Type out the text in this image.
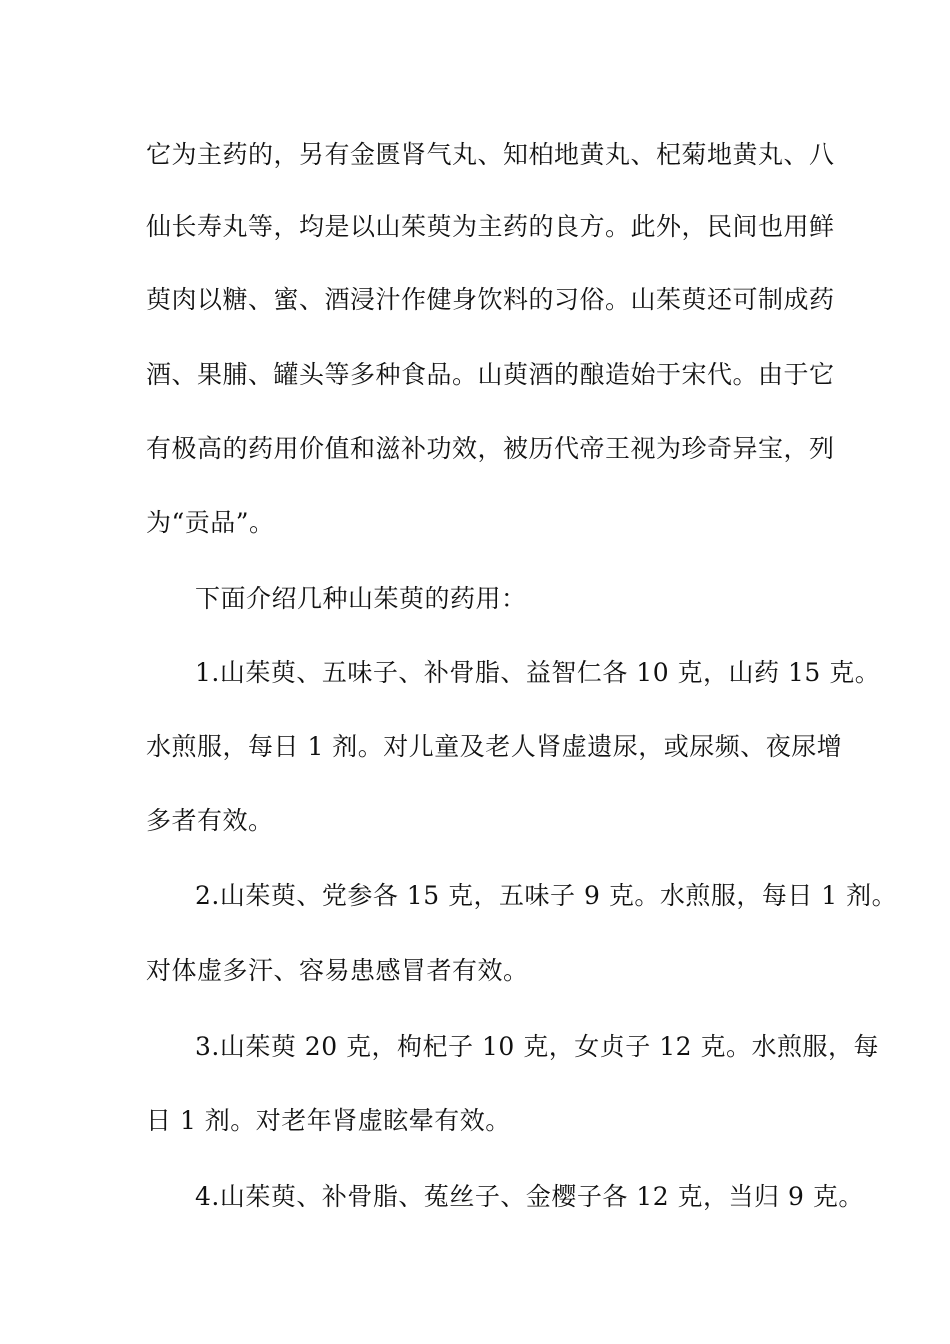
它为主药的，另有金匮肾气丸、知柏地黄丸、杞菊地黄丸、八
仙长寿丸等，均是以山茱萸为主药的良方。此外，民间也用鲜
萸肉以糖、蜜、酒浸汁作健身饮料的习俗。山茱萸还可制成药
酒、果脯、罐头等多种食品。山萸酒的酿造始于宋代。由于它
有极高的药用价值和滋补功效，被历代帝王视为珍奇异宝，列
为“贡品”。
下面介绍几种山茱萸的药用：
1.山茱萸、五味子、补骨脂、益智仁各 10 克，山药 15 克。
水煎服，每日 1 剂。对儿童及老人肾虚遗尿，或尿频、夜尿增
多者有效。
2.山茱萸、党参各 15 克，五味子 9 克。水煎服，每日 1 剂。
对体虚多汗、容易患感冒者有效。
3.山茱萸 20 克，枸杞子 10 克，女贞子 12 克。水煎服，每
日 1 剂。对老年肾虚眩晕有效。
4.山茱萸、补骨脂、菟丝子、金樱子各 12 克，当归 9 克。
